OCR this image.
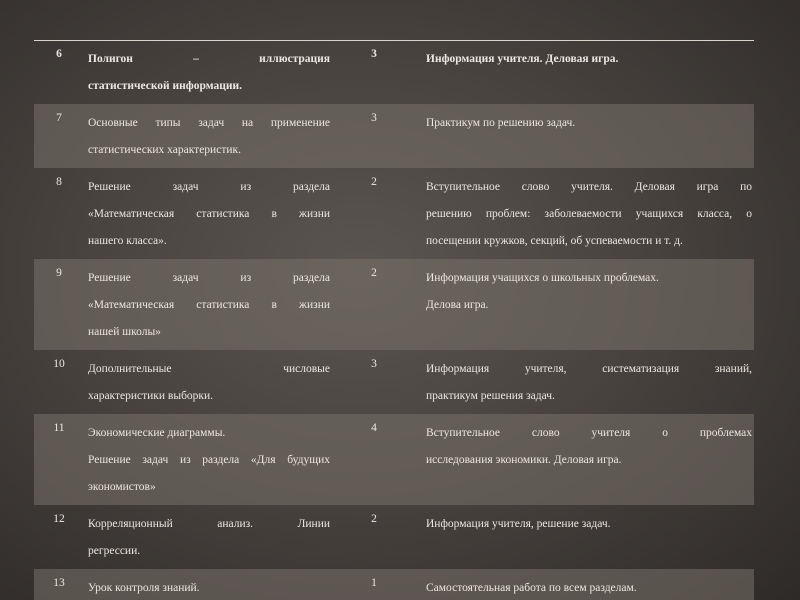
6	Полигон – иллюстрация
статистической информации.	3	Информация учителя. Деловая игра.

7	Основные типы задач на применение
статистических характеристик.	3	Практикум по решению задач.

8	Решение задач из раздела
«Математическая статистика в жизни
нашего класса».	2	Вступительное слово учителя. Деловая игра по
решению проблем: заболеваемости учащихся класса, о
посещении кружков, секций, об успеваемости и т. д.

9	Решение задач из раздела
«Математическая статистика в жизни
нашей школы»	2	Информация учащихся о школьных проблемах.
Делова игра.

10	Дополнительные числовые
характеристики выборки.	3	Информация учителя, систематизация знаний,
практикум решения задач.

11	Экономические диаграммы.
Решение задач из раздела «Для будущих
экономистов»	4	Вступительное слово учителя о проблемах
исследования экономики. Деловая игра.

12	Корреляционный анализ. Линии
регрессии.	2	Информация учителя, решение задач.

13	Урок контроля знаний.	1	Самостоятельная работа по всем разделам.
